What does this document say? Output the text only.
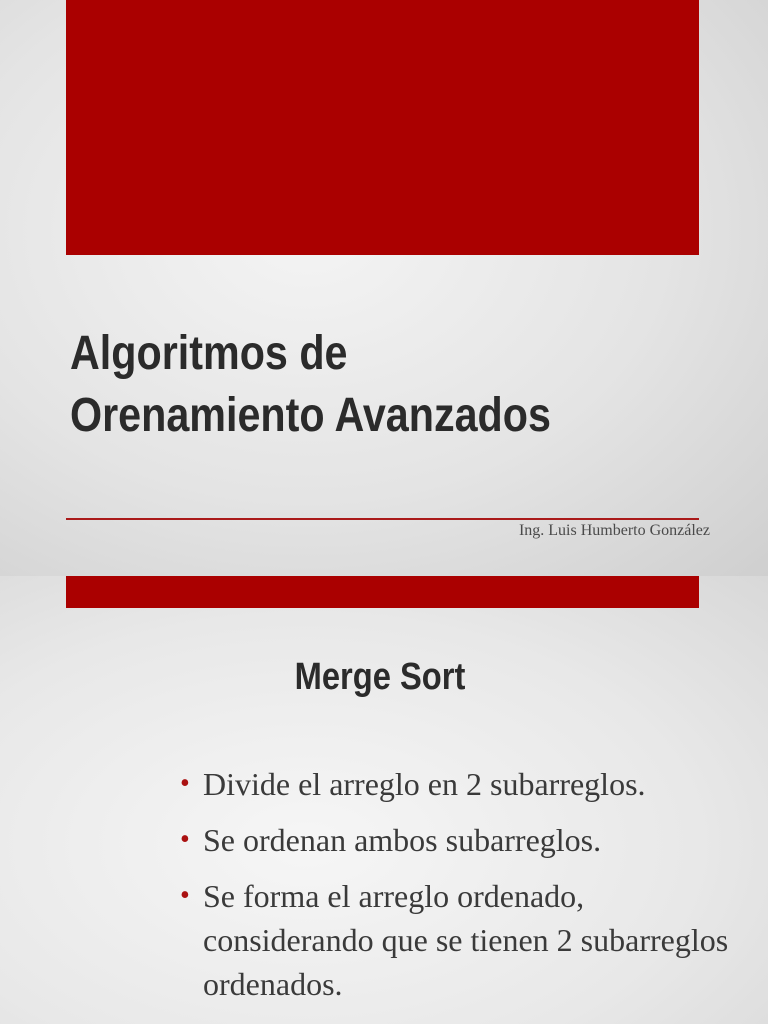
Algoritmos de
Orenamiento Avanzados
Ing. Luis Humberto González
Merge Sort
• Divide el arreglo en 2 subarreglos.
• Se ordenan ambos subarreglos.
• Se forma el arreglo ordenado, considerando que se tienen 2 subarreglos ordenados.
